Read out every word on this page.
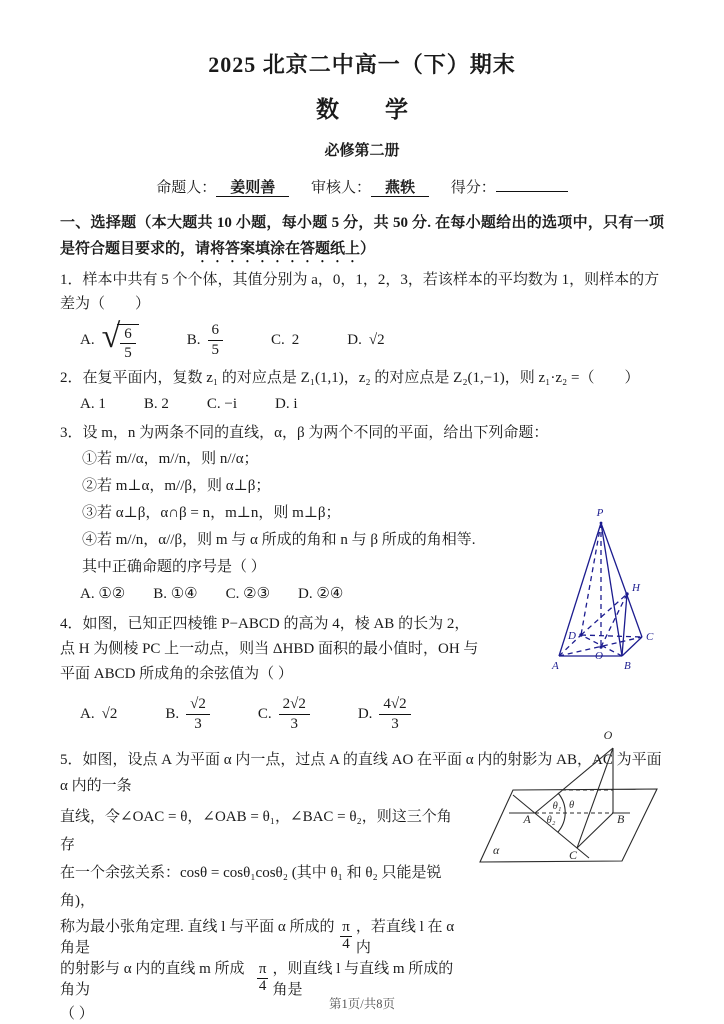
2025 北京二中高一（下）期末
数　　学
必修第二册
命题人： 姜则善 审核人： 燕轶 得分：

一、选择题（本大题共 10 小题，每小题 5 分，共 50 分. 在每小题给出的选项中，只有一项是符合题目要求的，请将答案填涂在答题纸上）

1．样本中共有 5 个个体，其值分别为 a，0，1，2，3，若该样本的平均数为 1，则样本的方差为（　　）

A. √ $\frac{6}{5}$	B. $\frac{6}{5}$	C. 2	D. √2

2．在复平面内，复数 z₁ 的对应点是 Z₁(1,1)，z₂ 的对应点是 Z₂(1,−1)，则 z₁·z₂ =（　　）

A. 1	B. 2	C. −i	D. i

3．设 m，n 为两条不同的直线，α，β 为两个不同的平面，给出下列命题：

①若 m//α，m//n，则 n//α；

②若 m⊥α，m//β，则 α⊥β；

③若 α⊥β，α∩β = n，m⊥n，则 m⊥β；

④若 m//n，α//β，则 m 与 α 所成的角和 n 与 β 所成的角相等.

其中正确命题的序号是（ ）

A. ①② B. ①④ C. ②③ D. ②④

4．如图，已知正四棱锥 P−ABCD 的高为 4，棱 AB 的长为 2，

点 H 为侧棱 PC 上一动点，则当 ΔHBD 面积的最小值时，OH 与

平面 ABCD 所成角的余弦值为（ ）

A. √2	B. $\frac{√2}{3}$	C. $\frac{2√2}{3}$	D. $\frac{4√2}{3}$

5．如图，设点 A 为平面 α 内一点，过点 A 的直线 AO 在平面 α 内的射影为 AB，AC 为平面 α 内的一条

直线，令∠OAC = θ，∠OAB = θ₁，∠BAC = θ₂，则这三个角存

在一个余弦关系：cosθ = cosθ₁cosθ₂ (其中 θ₁ 和 θ₂ 只能是锐角)，

称为最小张角定理. 直线 l 与平面 α 所成的角是	$\frac{\pi}{4}$ ，若直线 l 在 α 内
的射影与 α 内的直线 m 所成角为	$\frac{\pi}{4}$ ，则直线 l 与直线 m 所成的角是

（ ）

P
H
D	C
O
A	B
O
A	B
C
α
θ₁ θ
θ₂
第1页/共8页
